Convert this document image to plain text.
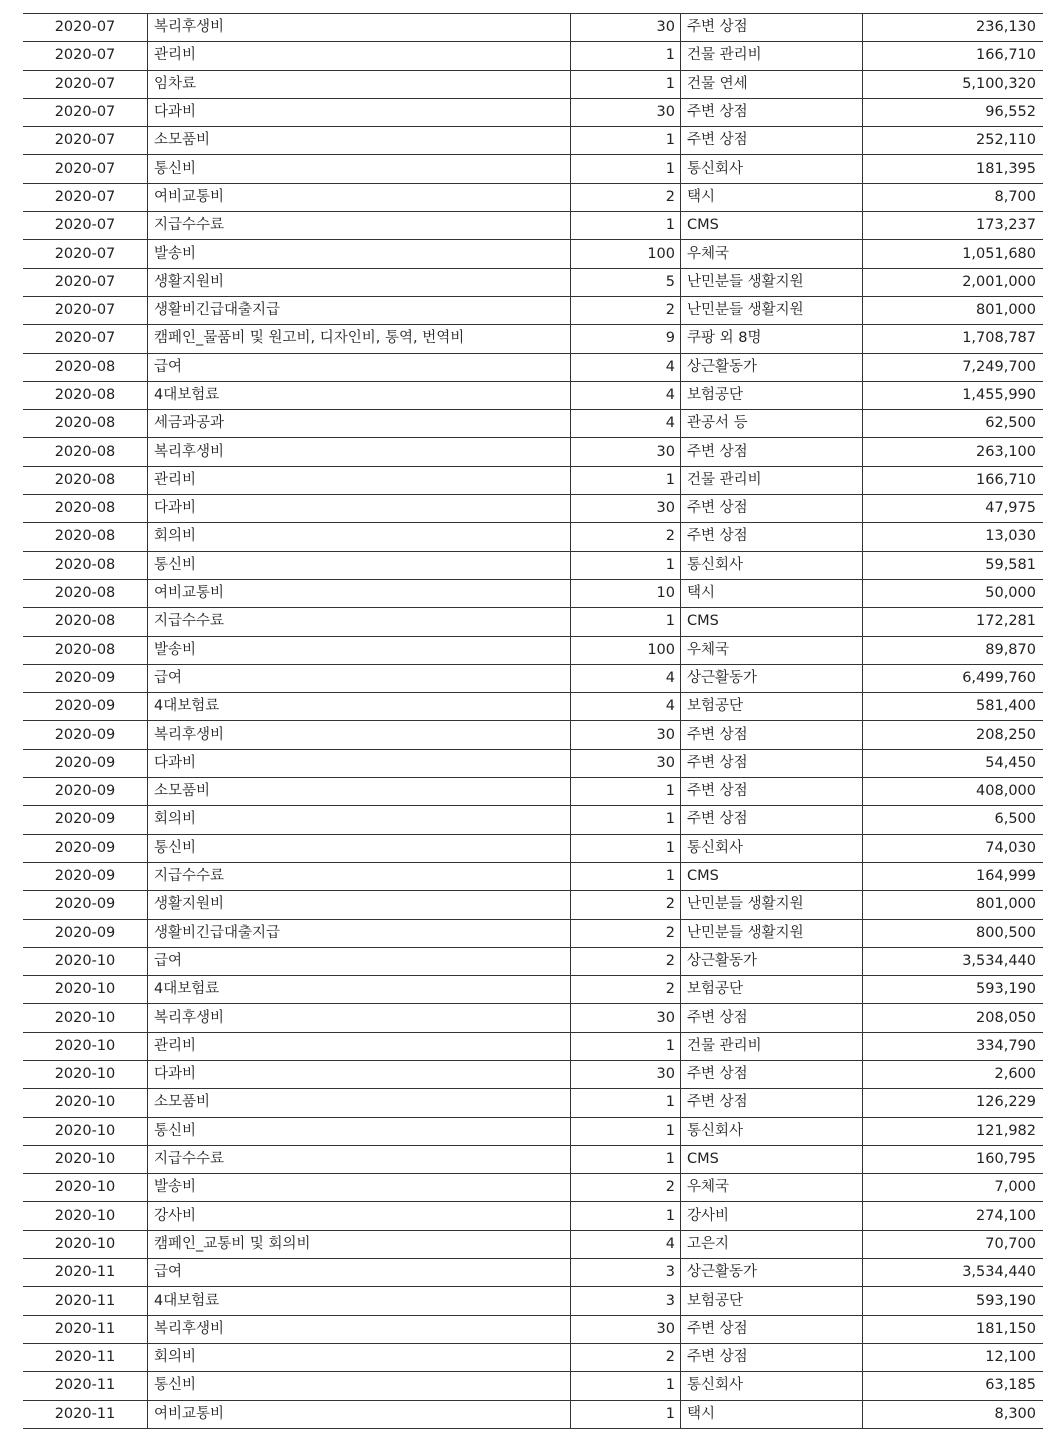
2020-07	복리후생비	30	주변 상점	236,130
2020-07	관리비	1	건물 관리비	166,710
2020-07	임차료	1	건물 연세	5,100,320
2020-07	다과비	30	주변 상점	96,552
2020-07	소모품비	1	주변 상점	252,110
2020-07	통신비	1	통신회사	181,395
2020-07	여비교통비	2	택시	8,700
2020-07	지급수수료	1	CMS	173,237
2020-07	발송비	100	우체국	1,051,680
2020-07	생활지원비	5	난민분들 생활지원	2,001,000
2020-07	생활비긴급대출지급	2	난민분들 생활지원	801,000
2020-07	캠페인_물품비 및 원고비, 디자인비, 통역, 번역비	9	쿠팡 외 8명	1,708,787
2020-08	급여	4	상근활동가	7,249,700
2020-08	4대보험료	4	보험공단	1,455,990
2020-08	세금과공과	4	관공서 등	62,500
2020-08	복리후생비	30	주변 상점	263,100
2020-08	관리비	1	건물 관리비	166,710
2020-08	다과비	30	주변 상점	47,975
2020-08	회의비	2	주변 상점	13,030
2020-08	통신비	1	통신회사	59,581
2020-08	여비교통비	10	택시	50,000
2020-08	지급수수료	1	CMS	172,281
2020-08	발송비	100	우체국	89,870
2020-09	급여	4	상근활동가	6,499,760
2020-09	4대보험료	4	보험공단	581,400
2020-09	복리후생비	30	주변 상점	208,250
2020-09	다과비	30	주변 상점	54,450
2020-09	소모품비	1	주변 상점	408,000
2020-09	회의비	1	주변 상점	6,500
2020-09	통신비	1	통신회사	74,030
2020-09	지급수수료	1	CMS	164,999
2020-09	생활지원비	2	난민분들 생활지원	801,000
2020-09	생활비긴급대출지급	2	난민분들 생활지원	800,500
2020-10	급여	2	상근활동가	3,534,440
2020-10	4대보험료	2	보험공단	593,190
2020-10	복리후생비	30	주변 상점	208,050
2020-10	관리비	1	건물 관리비	334,790
2020-10	다과비	30	주변 상점	2,600
2020-10	소모품비	1	주변 상점	126,229
2020-10	통신비	1	통신회사	121,982
2020-10	지급수수료	1	CMS	160,795
2020-10	발송비	2	우체국	7,000
2020-10	강사비	1	강사비	274,100
2020-10	캠페인_교통비 및 회의비	4	고은지	70,700
2020-11	급여	3	상근활동가	3,534,440
2020-11	4대보험료	3	보험공단	593,190
2020-11	복리후생비	30	주변 상점	181,150
2020-11	회의비	2	주변 상점	12,100
2020-11	통신비	1	통신회사	63,185
2020-11	여비교통비	1	택시	8,300
